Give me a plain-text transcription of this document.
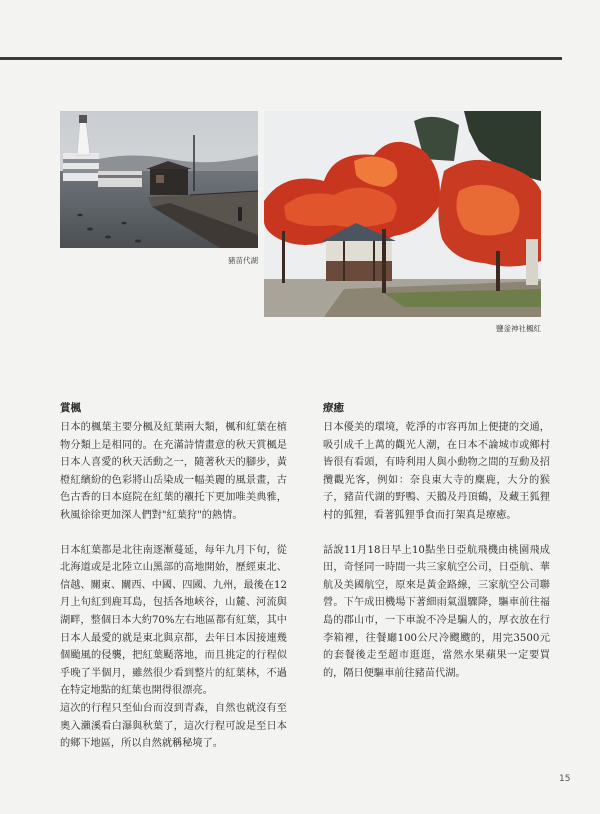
豬苗代湖
鹽釜神社楓紅
賞楓

日本的楓葉主要分楓及紅葉兩大類，楓和紅葉在植物分類上是相同的。在充滿詩情畫意的秋天賞楓是日本人喜愛的秋天活動之一，隨著秋天的腳步，黃橙紅繽紛的色彩將山岳染成一幅美麗的風景畫，古色古香的日本庭院在紅葉的襯托下更加唯美典雅，秋風徐徐更加深人們對"紅葉狩"的熱情。

日本紅葉都是北往南逐漸蔓延，每年九月下旬，從北海道或是北陸立山黑部的高地開始，歷經東北、信越、關東、關西、中國、四國、九州，最後在12月上旬紅到鹿耳島，包括各地峽谷，山麓、河流與湖畔，整個日本大約70%左右地區都有紅葉，其中日本人最愛的就是東北與京都，去年日本因接連幾個颱風的侵襲，把紅葉颳落地，而且挑定的行程似乎晚了半個月，雖然很少看到整片的紅葉林，不過在特定地點的紅葉也開得很漂亮。

這次的行程只至仙台而沒到青森，自然也就沒有至奧入瀨溪看白瀑與秋葉了，這次行程可說是至日本的鄉下地區，所以自然就稱秘境了。

療癒

日本優美的環境，乾淨的市容再加上便捷的交通，吸引成千上萬的觀光人潮，在日本不論城市或鄉村皆很有看頭，有時利用人與小動物之間的互動及招攬觀光客，例如：奈良東大寺的麋鹿，大分的猴子，豬苗代湖的野鴨、天鵝及丹頂鶴，及藏王狐狸村的狐狸，看著狐狸爭食而打架真是療癒。

話說11月18日早上10點坐日亞航飛機由桃園飛成田，奇怪同一時間一共三家航空公司，日亞航、華航及美國航空，原來是黃金路線，三家航空公司聯營。下午成田機場下著細雨氣溫驟降，驅車前往福島的郡山市，一下車說不冷是騙人的，厚衣放在行李箱裡，往餐廳100公尺冷颼颼的，用完3500元的套餐後走至超市逛逛，當然水果蘋果一定要買的，隔日便驅車前往豬苗代湖。

15
